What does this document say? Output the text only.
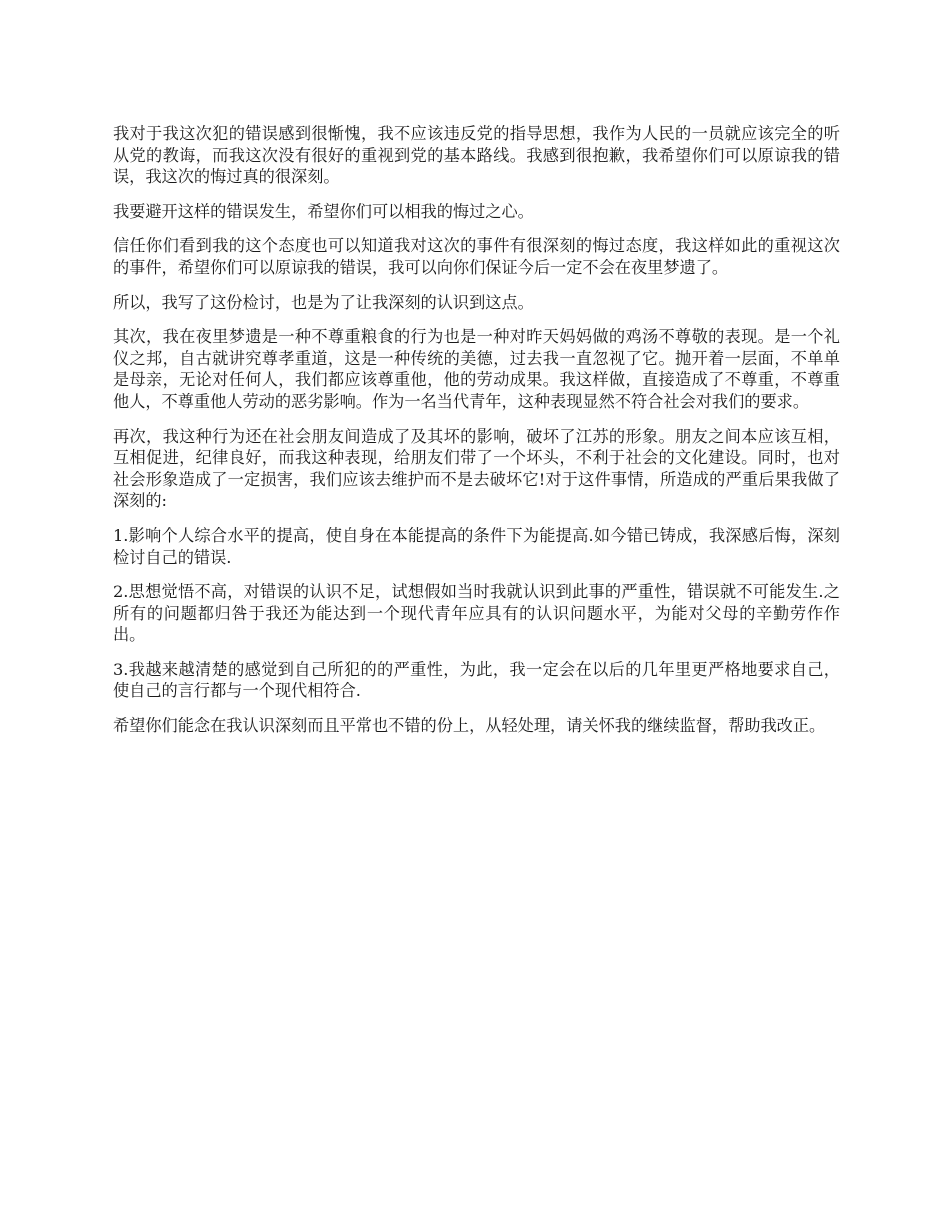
我对于我这次犯的错误感到很惭愧，我不应该违反党的指导思想，我作为人民的一员就应该完全的听从党的教诲，而我这次没有很好的重视到党的基本路线。我感到很抱歉，我希望你们可以原谅我的错误，我这次的悔过真的很深刻。

我要避开这样的错误发生，希望你们可以相我的悔过之心。

信任你们看到我的这个态度也可以知道我对这次的事件有很深刻的悔过态度，我这样如此的重视这次的事件，希望你们可以原谅我的错误，我可以向你们保证今后一定不会在夜里梦遗了。

所以，我写了这份检讨，也是为了让我深刻的认识到这点。

其次，我在夜里梦遗是一种不尊重粮食的行为也是一种对昨天妈妈做的鸡汤不尊敬的表现。是一个礼仪之邦，自古就讲究尊孝重道，这是一种传统的美德，过去我一直忽视了它。抛开着一层面，不单单是母亲，无论对任何人，我们都应该尊重他，他的劳动成果。我这样做，直接造成了不尊重，不尊重他人，不尊重他人劳动的恶劣影响。作为一名当代青年，这种表现显然不符合社会对我们的要求。

再次，我这种行为还在社会朋友间造成了及其坏的影响，破坏了江苏的形象。朋友之间本应该互相，互相促进，纪律良好，而我这种表现，给朋友们带了一个坏头，不利于社会的文化建设。同时，也对社会形象造成了一定损害，我们应该去维护而不是去破坏它!对于这件事情，所造成的严重后果我做了深刻的:

1.影响个人综合水平的提高，使自身在本能提高的条件下为能提高.如今错已铸成，我深感后悔，深刻检讨自己的错误.

2.思想觉悟不高，对错误的认识不足，试想假如当时我就认识到此事的严重性，错误就不可能发生.之所有的问题都归咎于我还为能达到一个现代青年应具有的认识问题水平，为能对父母的辛勤劳作作出。

3.我越来越清楚的感觉到自己所犯的的严重性，为此，我一定会在以后的几年里更严格地要求自己，使自己的言行都与一个现代相符合.

希望你们能念在我认识深刻而且平常也不错的份上，从轻处理，请关怀我的继续监督，帮助我改正。
